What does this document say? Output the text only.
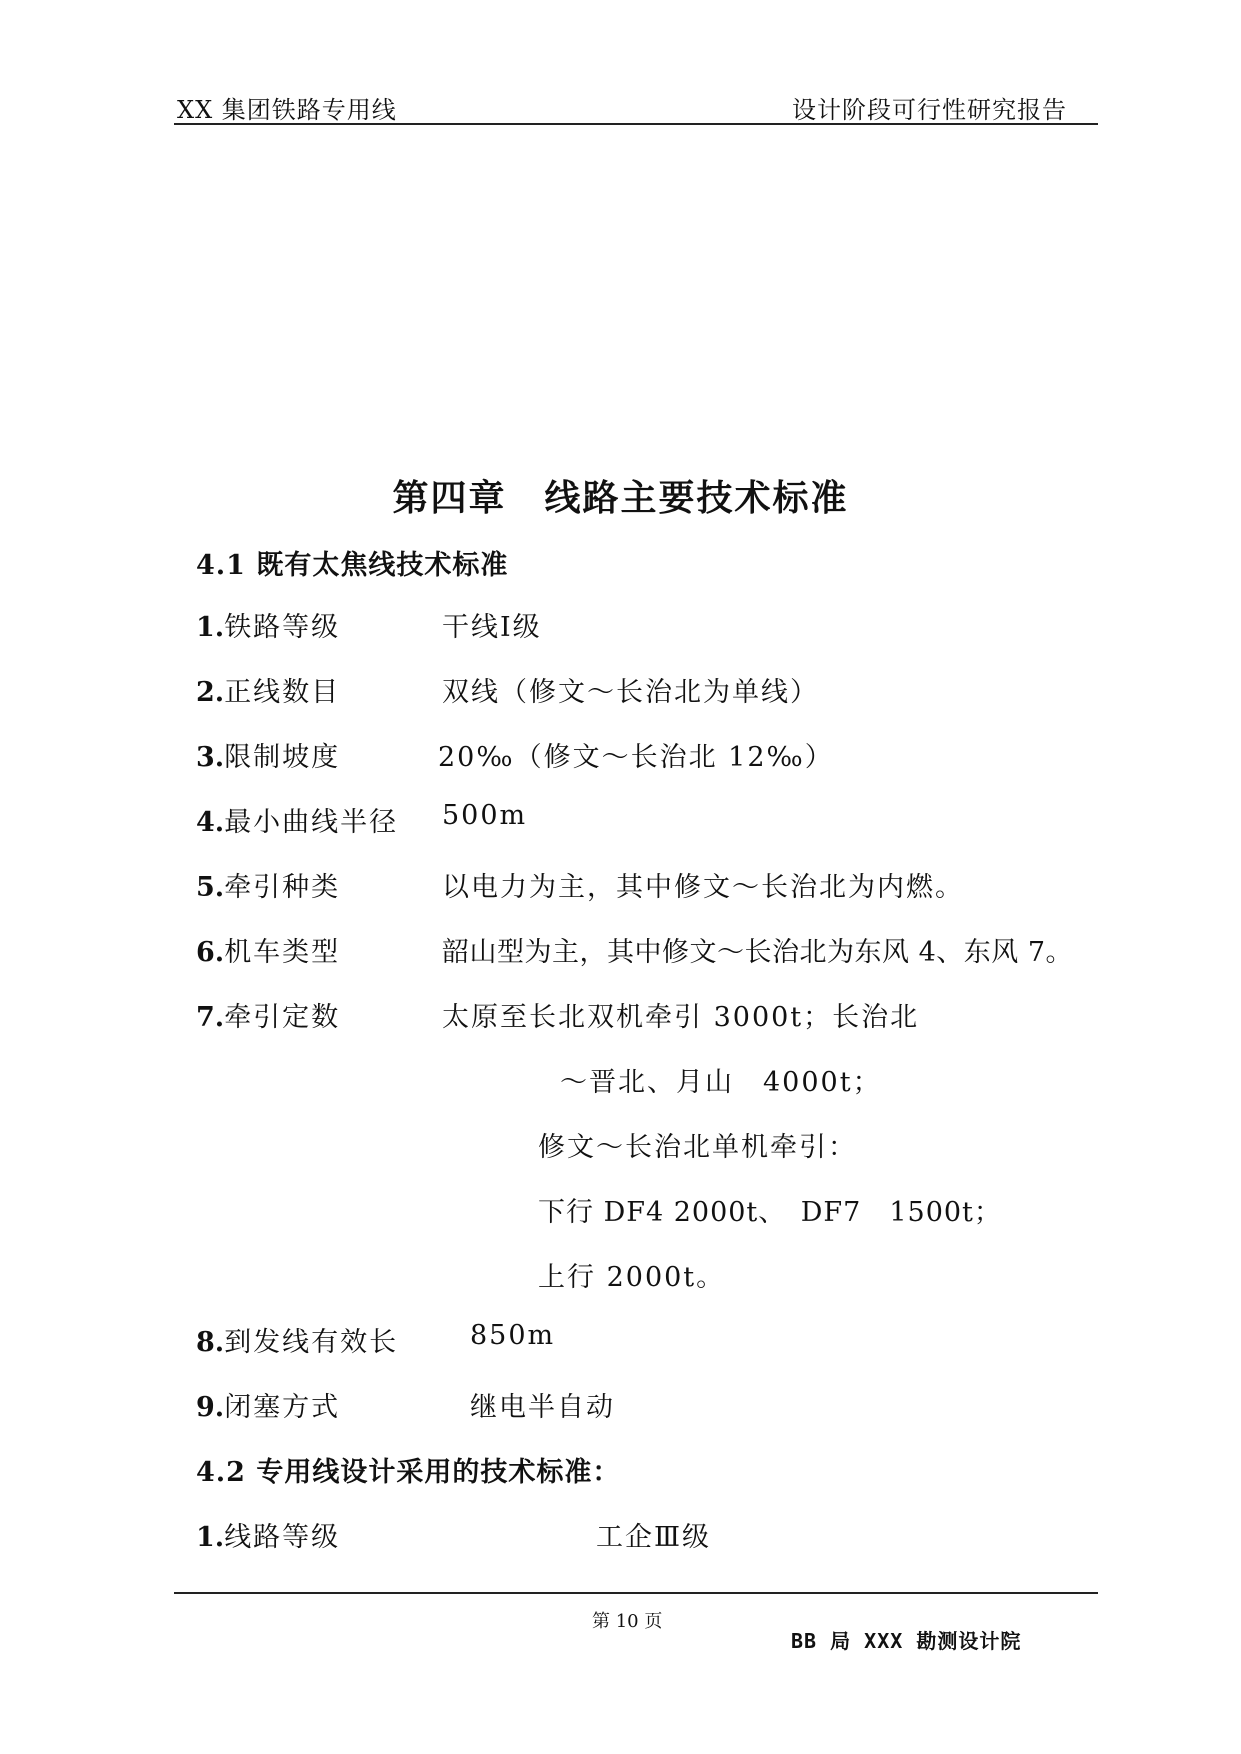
XX 集团铁路专用线	设计阶段可行性研究报告
第四章　线路主要技术标准
4.1 既有太焦线技术标准
1.铁路等级	干线Ⅰ级
2.正线数目	双线（修文～长治北为单线）
3.限制坡度	20‰（修文～长治北 12‰）
4.最小曲线半径 500m
5.牵引种类	以电力为主，其中修文～长治北为内燃。
6.机车类型	韶山型为主，其中修文～长治北为东风 4、东风 7。
7.牵引定数	太原至长北双机牵引 3000t；长治北
～晋北、月山　4000t；
修文～长治北单机牵引：
下行 DF4 2000t、　DF7　1500t；
上行 2000t。
8.到发线有效长	850m
9.闭塞方式	继电半自动
4.2 专用线设计采用的技术标准：
1.线路等级	工企Ⅲ级
第 10 页
BB 局 XXX 勘测设计院
